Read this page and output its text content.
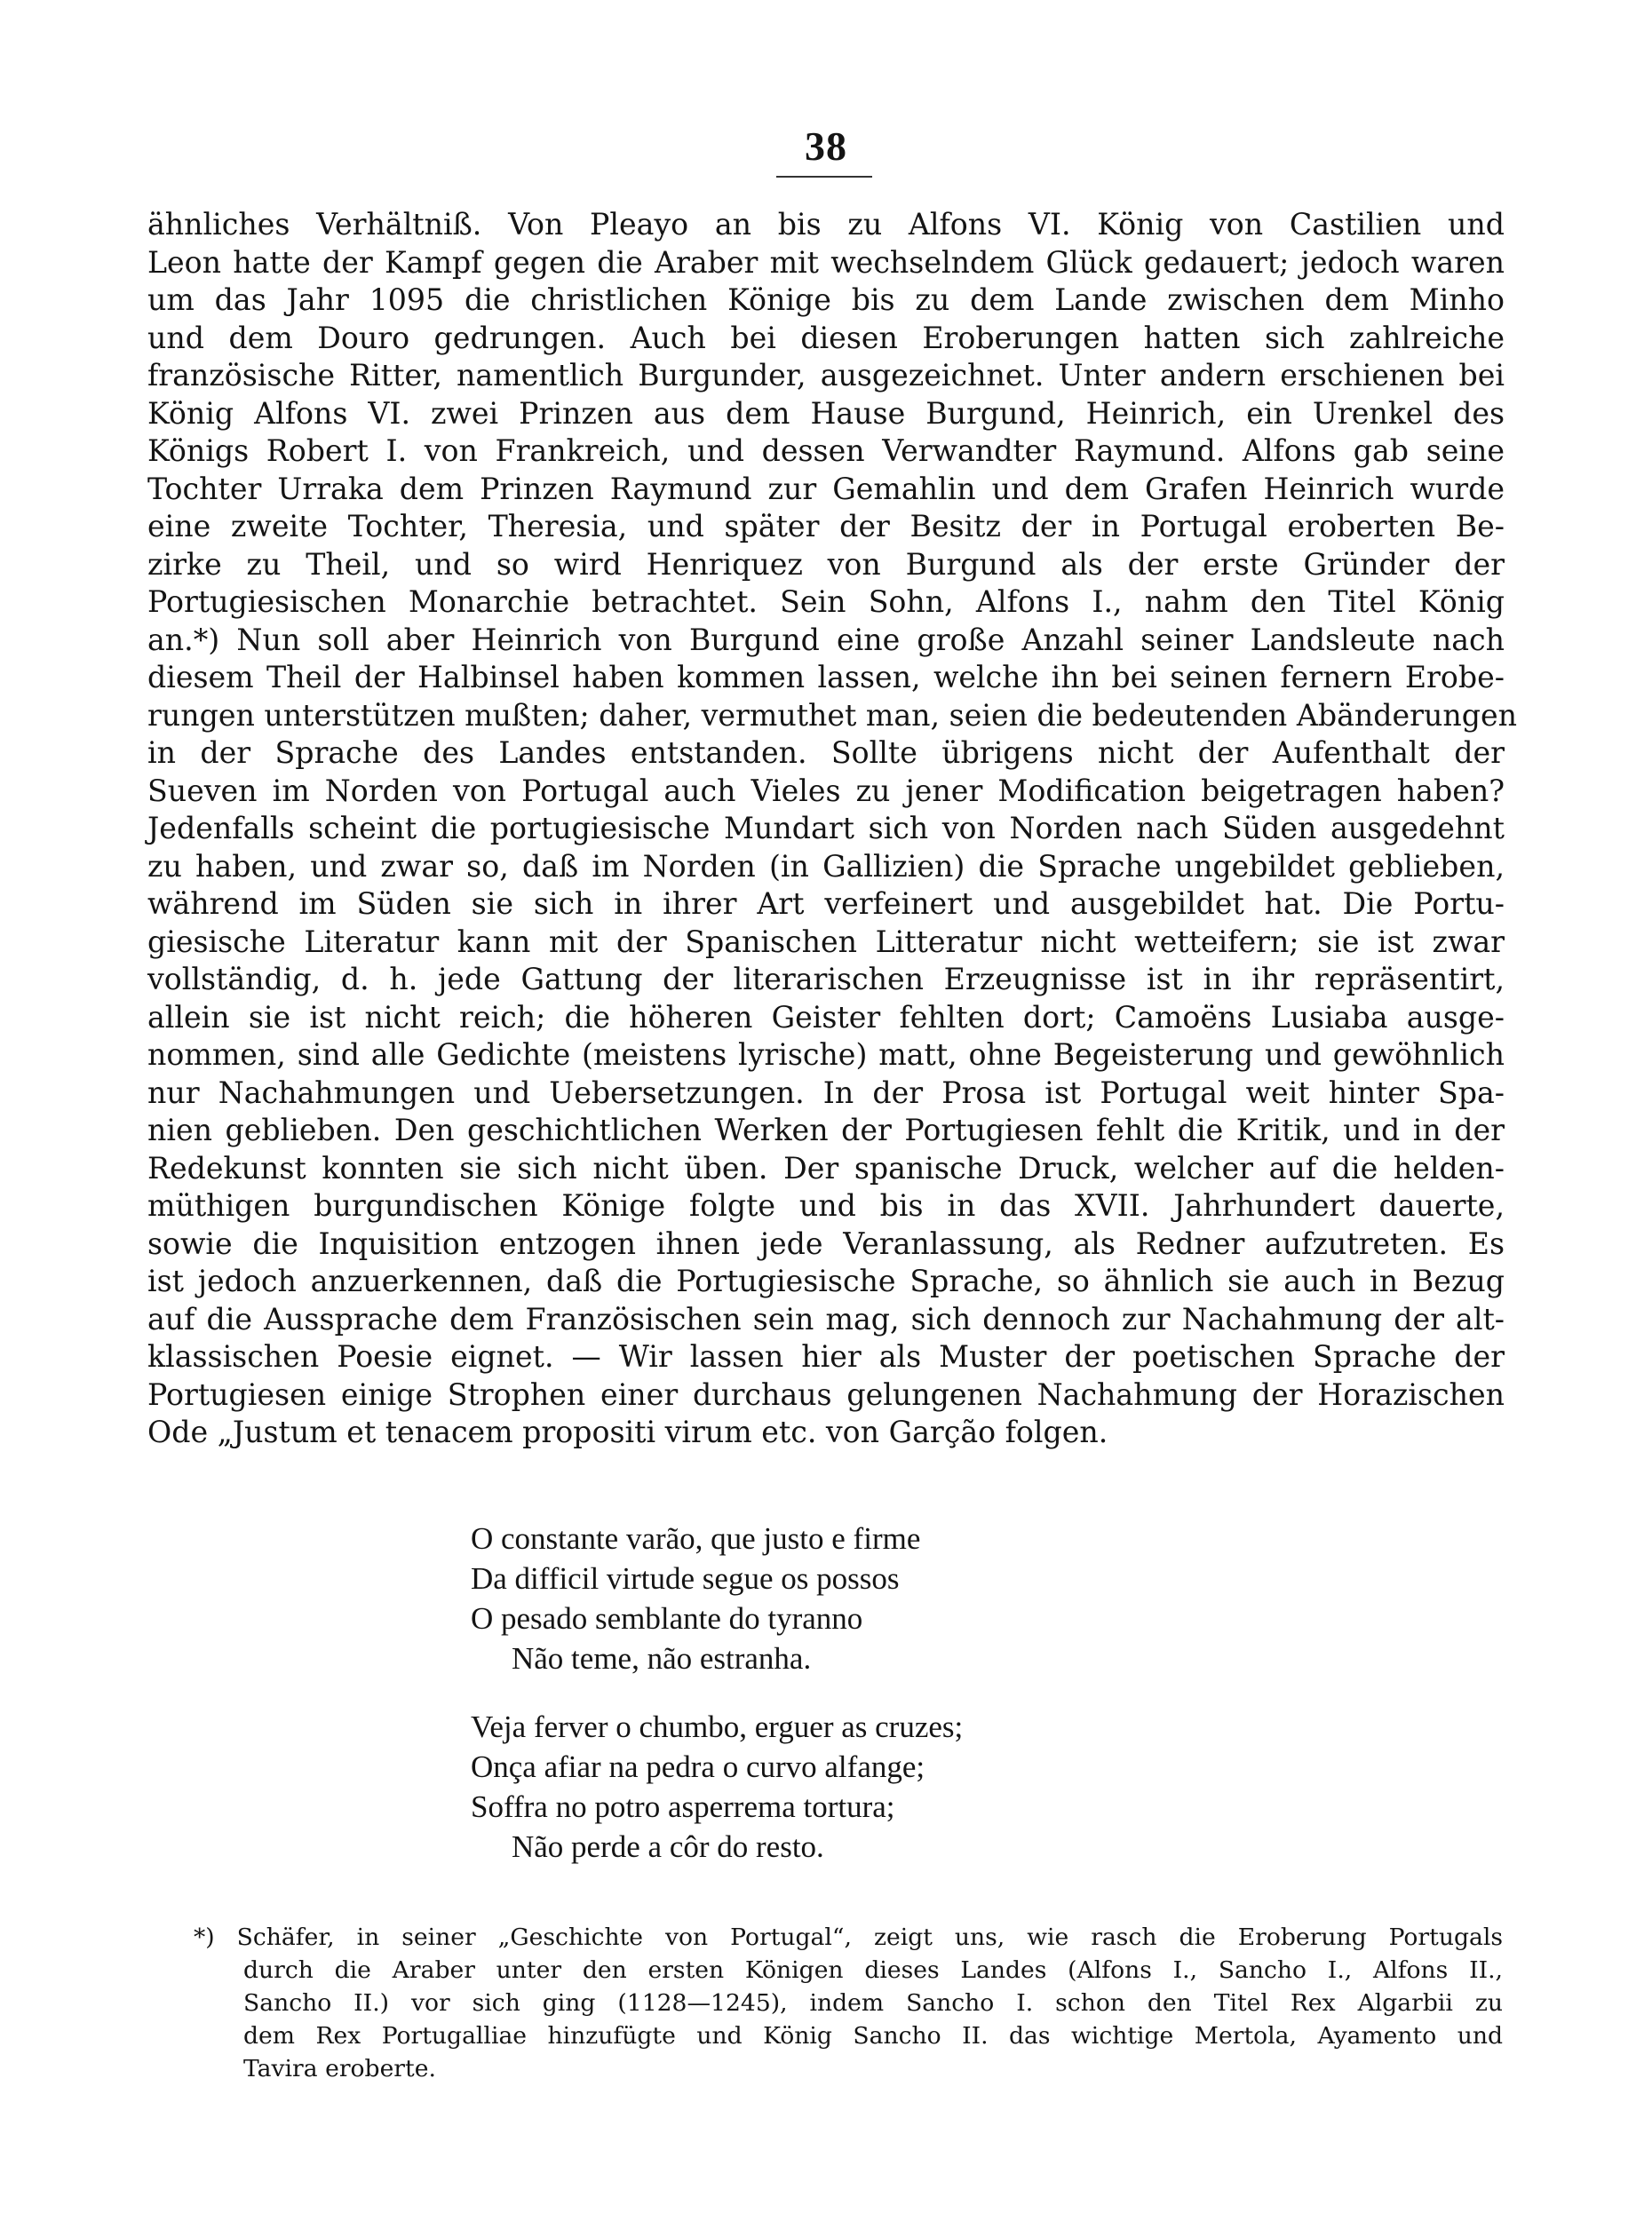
38
ähnliches Verhältniß. Von Pleayo an bis zu Alfons VI. König von Castilien und
Leon hatte der Kampf gegen die Araber mit wechselndem Glück gedauert; jedoch waren
um das Jahr 1095 die christlichen Könige bis zu dem Lande zwischen dem Minho
und dem Douro gedrungen. Auch bei diesen Eroberungen hatten sich zahlreiche
französische Ritter, namentlich Burgunder, ausgezeichnet. Unter andern erschienen bei
König Alfons VI. zwei Prinzen aus dem Hause Burgund, Heinrich, ein Urenkel des
Königs Robert I. von Frankreich, und dessen Verwandter Raymund. Alfons gab seine
Tochter Urraka dem Prinzen Raymund zur Gemahlin und dem Grafen Heinrich wurde
eine zweite Tochter, Theresia, und später der Besitz der in Portugal eroberten Be-
zirke zu Theil, und so wird Henriquez von Burgund als der erste Gründer der
Portugiesischen Monarchie betrachtet. Sein Sohn, Alfons I., nahm den Titel König
an.*) Nun soll aber Heinrich von Burgund eine große Anzahl seiner Landsleute nach
diesem Theil der Halbinsel haben kommen lassen, welche ihn bei seinen fernern Erobe-
rungen unterstützen mußten; daher, vermuthet man, seien die bedeutenden Abänderungen
in der Sprache des Landes entstanden. Sollte übrigens nicht der Aufenthalt der
Sueven im Norden von Portugal auch Vieles zu jener Modification beigetragen haben?
Jedenfalls scheint die portugiesische Mundart sich von Norden nach Süden ausgedehnt
zu haben, und zwar so, daß im Norden (in Gallizien) die Sprache ungebildet geblieben,
während im Süden sie sich in ihrer Art verfeinert und ausgebildet hat. Die Portu-
giesische Literatur kann mit der Spanischen Litteratur nicht wetteifern; sie ist zwar
vollständig, d. h. jede Gattung der literarischen Erzeugnisse ist in ihr repräsentirt,
allein sie ist nicht reich; die höheren Geister fehlten dort; Camoëns Lusiaba ausge-
nommen, sind alle Gedichte (meistens lyrische) matt, ohne Begeisterung und gewöhnlich
nur Nachahmungen und Uebersetzungen. In der Prosa ist Portugal weit hinter Spa-
nien geblieben. Den geschichtlichen Werken der Portugiesen fehlt die Kritik, und in der
Redekunst konnten sie sich nicht üben. Der spanische Druck, welcher auf die helden-
müthigen burgundischen Könige folgte und bis in das XVII. Jahrhundert dauerte,
sowie die Inquisition entzogen ihnen jede Veranlassung, als Redner aufzutreten. Es
ist jedoch anzuerkennen, daß die Portugiesische Sprache, so ähnlich sie auch in Bezug
auf die Aussprache dem Französischen sein mag, sich dennoch zur Nachahmung der alt-
klassischen Poesie eignet. — Wir lassen hier als Muster der poetischen Sprache der
Portugiesen einige Strophen einer durchaus gelungenen Nachahmung der Horazischen
Ode „Justum et tenacem propositi virum etc. von Garção folgen.
O constante varão, que justo e firme
Da difficil virtude segue os possos
O pesado semblante do tyranno
Não teme, não estranha.
Veja ferver o chumbo, erguer as cruzes;
Onça afiar na pedra o curvo alfange;
Soffra no potro asperrema tortura;
Não perde a côr do resto.
*) Schäfer, in seiner „Geschichte von Portugal“, zeigt uns, wie rasch die Eroberung Portugals
durch die Araber unter den ersten Königen dieses Landes (Alfons I., Sancho I., Alfons II.,
Sancho II.) vor sich ging (1128—1245), indem Sancho I. schon den Titel Rex Algarbii zu
dem Rex Portugalliae hinzufügte und König Sancho II. das wichtige Mertola, Ayamento und
Tavira eroberte.
